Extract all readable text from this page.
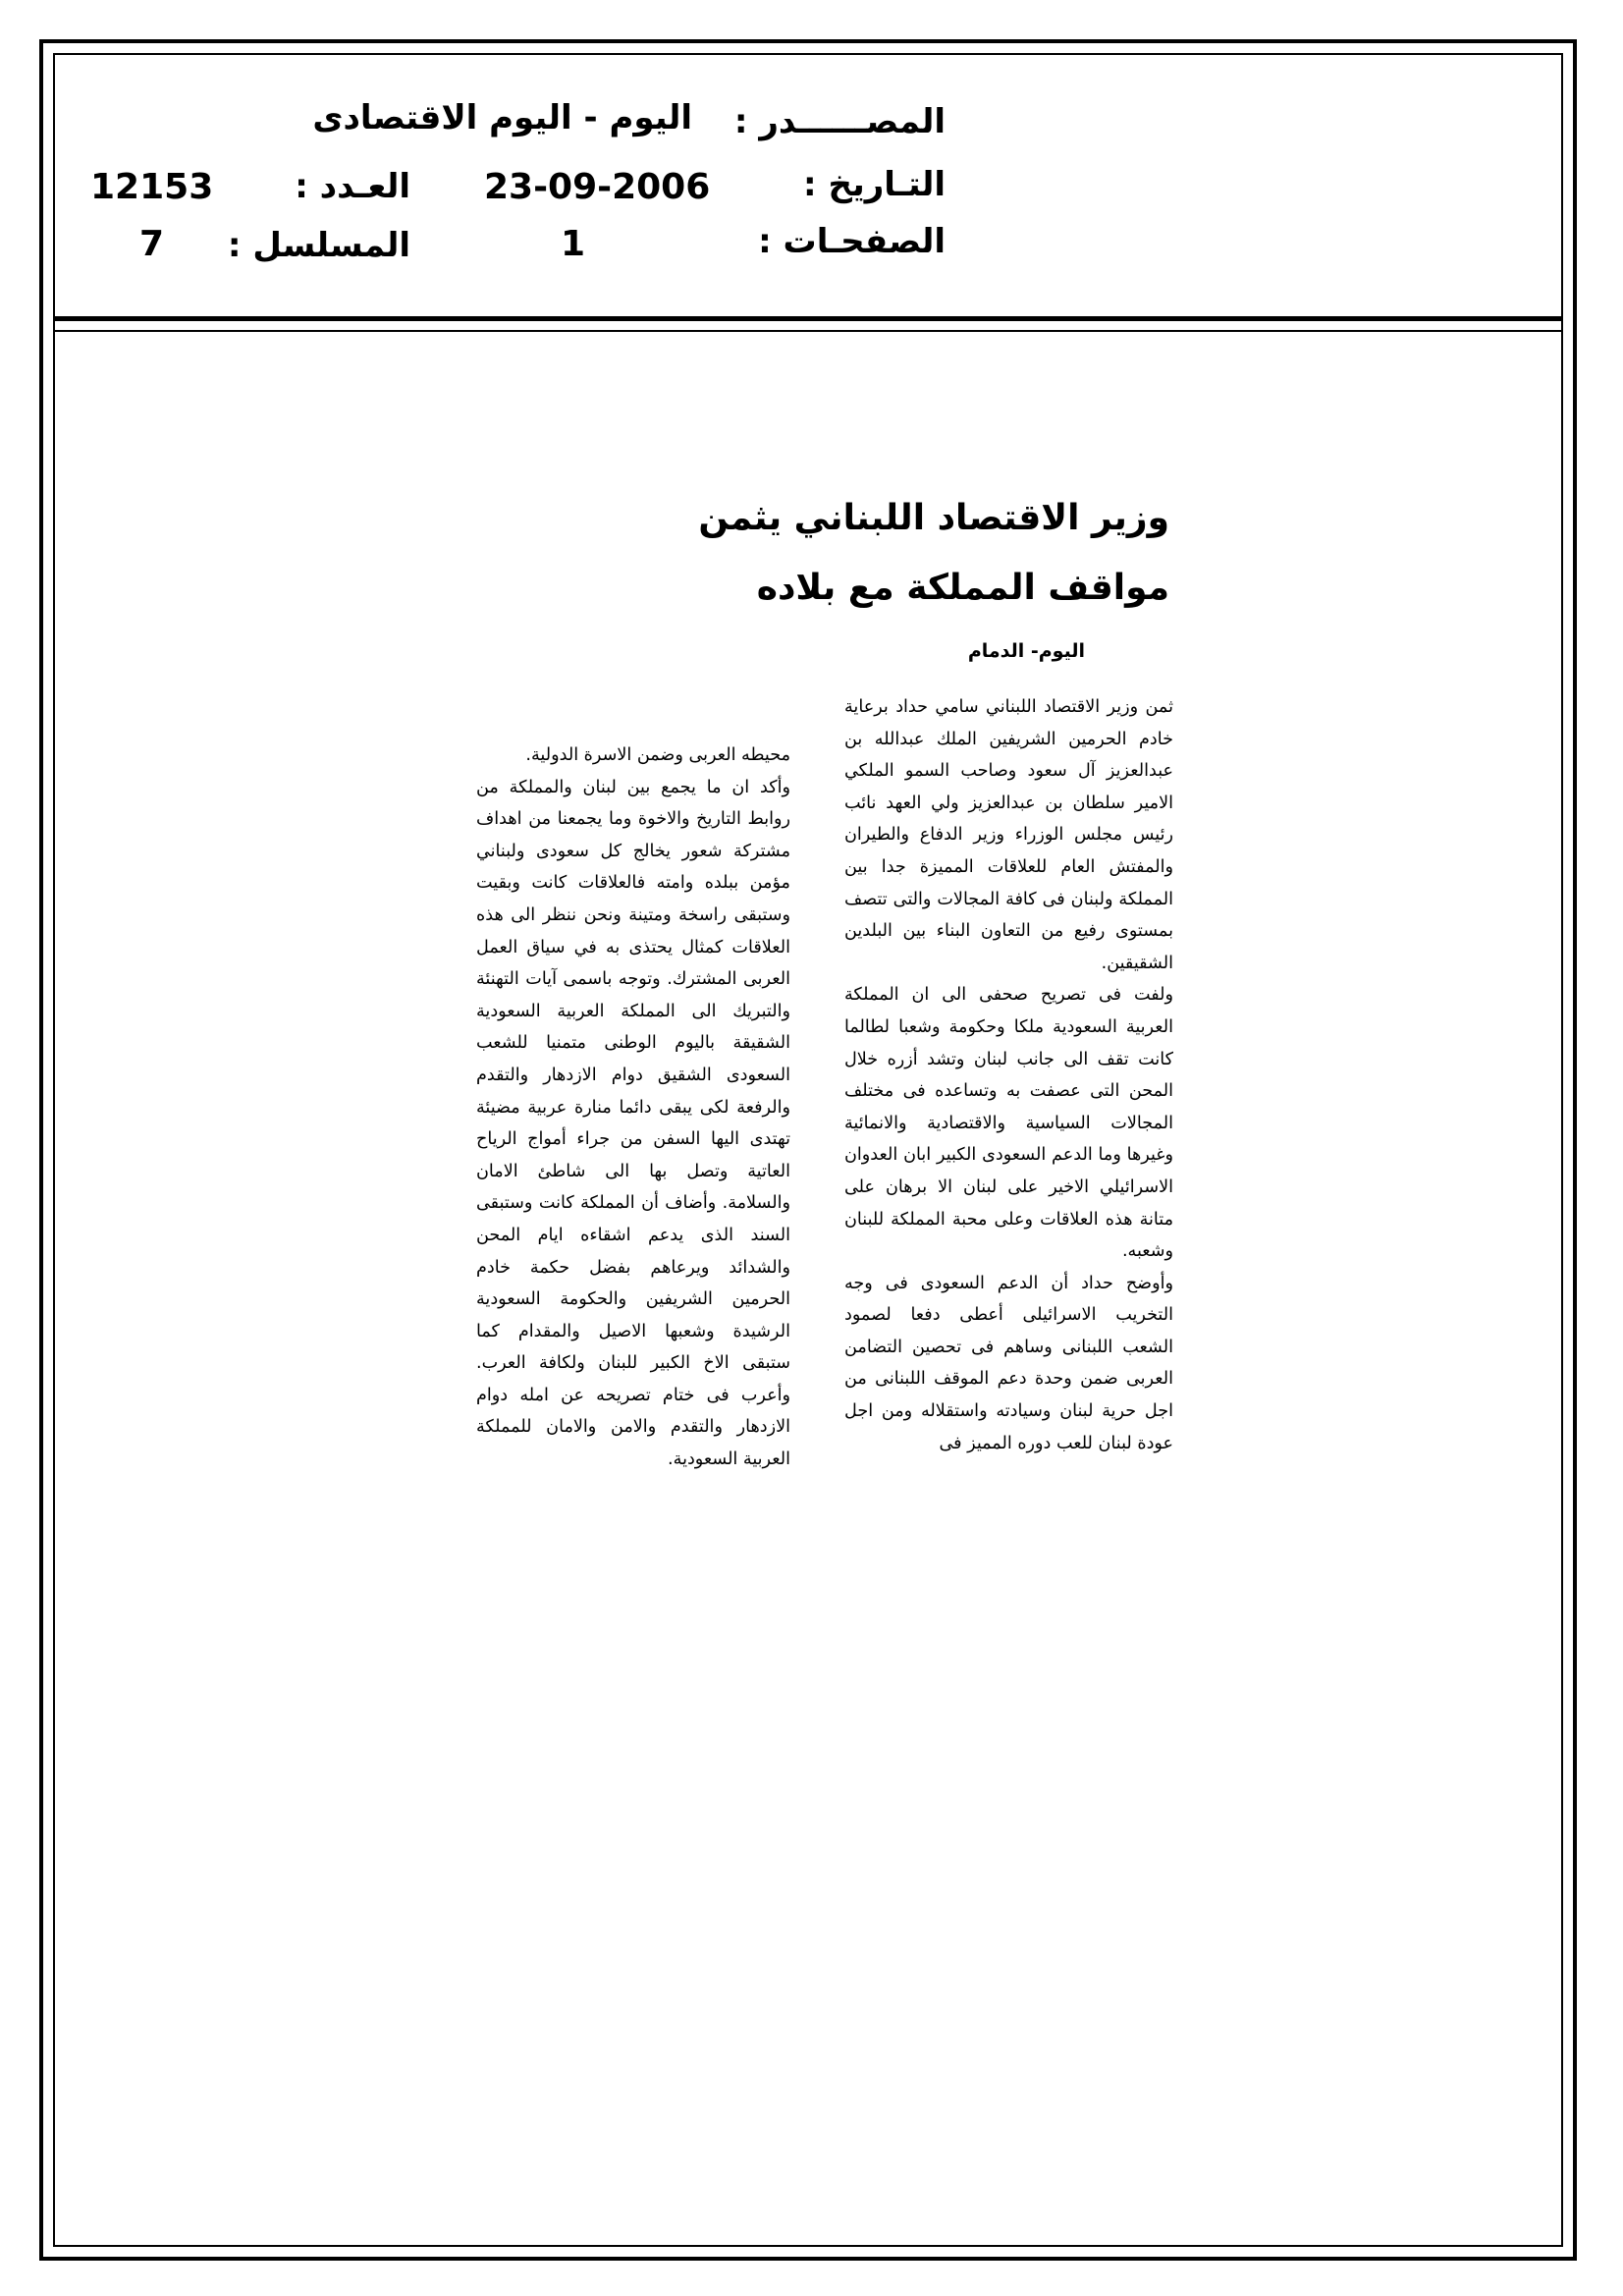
المصــــــدر :
اليوم - اليوم الاقتصادى
التـاريخ :
23-09-2006
العـدد :
12153
الصفحـات :
1
المسلسل :
7
وزير الاقتصاد اللبناني يثمن
مواقف المملكة مع بلاده
اليوم- الدمام

ثمن وزير الاقتصاد اللبناني سامي حداد برعاية خادم الحرمين الشريفين الملك عبدالله بن عبدالعزيز آل سعود وصاحب السمو الملكي الامير سلطان بن عبدالعزيز ولي العهد نائب رئيس مجلس الوزراء وزير الدفاع والطيران والمفتش العام للعلاقات المميزة جدا بين المملكة ولبنان فى كافة المجالات والتى تتصف بمستوى رفيع من التعاون البناء بين البلدين الشقيقين.

ولفت فى تصريح صحفى الى ان المملكة العربية السعودية ملكا وحكومة وشعبا لطالما كانت تقف الى جانب لبنان وتشد أزره خلال المحن التى عصفت به وتساعده فى مختلف المجالات السياسية والاقتصادية والانمائية وغيرها وما الدعم السعودى الكبير ابان العدوان الاسرائيلي الاخير على لبنان الا برهان على متانة هذه العلاقات وعلى محبة المملكة للبنان وشعبه.

وأوضح حداد أن الدعم السعودى فى وجه التخريب الاسرائيلى أعطى دفعا لصمود الشعب اللبنانى وساهم فى تحصين التضامن العربى ضمن وحدة دعم الموقف اللبنانى من اجل حرية لبنان وسيادته واستقلاله ومن اجل عودة لبنان للعب دوره المميز فى

محيطه العربى وضمن الاسرة الدولية.

وأكد ان ما يجمع بين لبنان والمملكة من روابط التاريخ والاخوة وما يجمعنا من اهداف مشتركة شعور يخالج كل سعودى ولبناني مؤمن ببلده وامته فالعلاقات كانت وبقيت وستبقى راسخة ومتينة ونحن ننظر الى هذه العلاقات كمثال يحتذى به في سياق العمل العربى المشترك. وتوجه باسمى آيات التهنئة والتبريك الى المملكة العربية السعودية الشقيقة باليوم الوطنى متمنيا للشعب السعودى الشقيق دوام الازدهار والتقدم والرفعة لكى يبقى دائما منارة عربية مضيئة تهتدى اليها السفن من جراء أمواج الرياح العاتية وتصل بها الى شاطئ الامان والسلامة. وأضاف أن المملكة كانت وستبقى السند الذى يدعم اشقاءه ايام المحن والشدائد ويرعاهم بفضل حكمة خادم الحرمين الشريفين والحكومة السعودية الرشيدة وشعبها الاصيل والمقدام كما ستبقى الاخ الكبير للبنان ولكافة العرب. وأعرب فى ختام تصريحه عن امله دوام الازدهار والتقدم والامن والامان للمملكة العربية السعودية.
